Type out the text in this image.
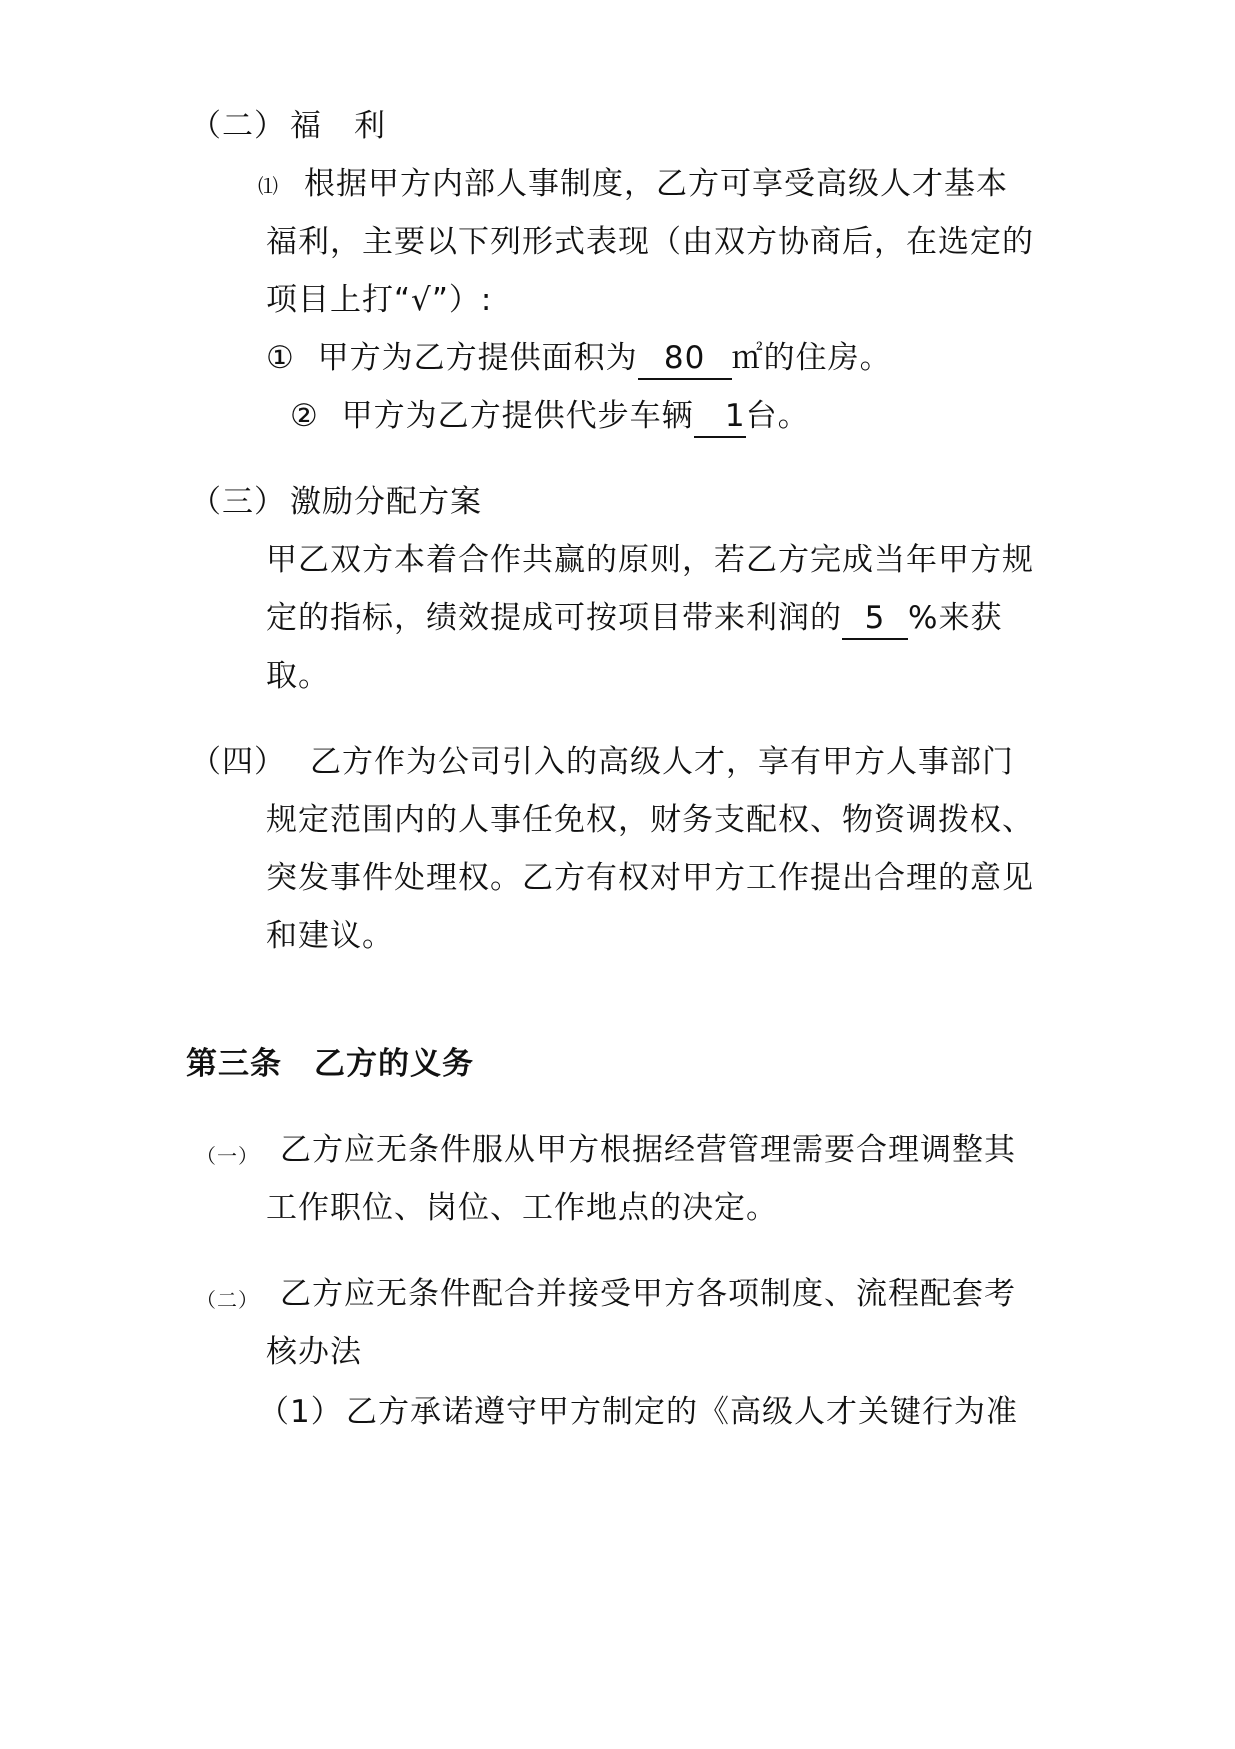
（二） 福　利
⑴ 根据甲方内部人事制度，乙方可享受高级人才基本
福利，主要以下列形式表现（由双方协商后，在选定的
项目上打“√”）:
① 甲方为乙方提供面积为 80 ㎡的住房。
② 甲方为乙方提供代步车辆 1台。
（三） 激励分配方案
甲乙双方本着合作共赢的原则，若乙方完成当年甲方规
定的指标，绩效提成可按项目带来利润的 5 %来获
取。
（四） 乙方作为公司引入的高级人才，享有甲方人事部门
规定范围内的人事任免权，财务支配权、物资调拨权、
突发事件处理权。乙方有权对甲方工作提出合理的意见
和建议。
第三条　乙方的义务
（一） 乙方应无条件服从甲方根据经营管理需要合理调整其
工作职位、岗位、工作地点的决定。
（二） 乙方应无条件配合并接受甲方各项制度、流程配套考
核办法
（1） 乙方承诺遵守甲方制定的《高级人才关键行为准
